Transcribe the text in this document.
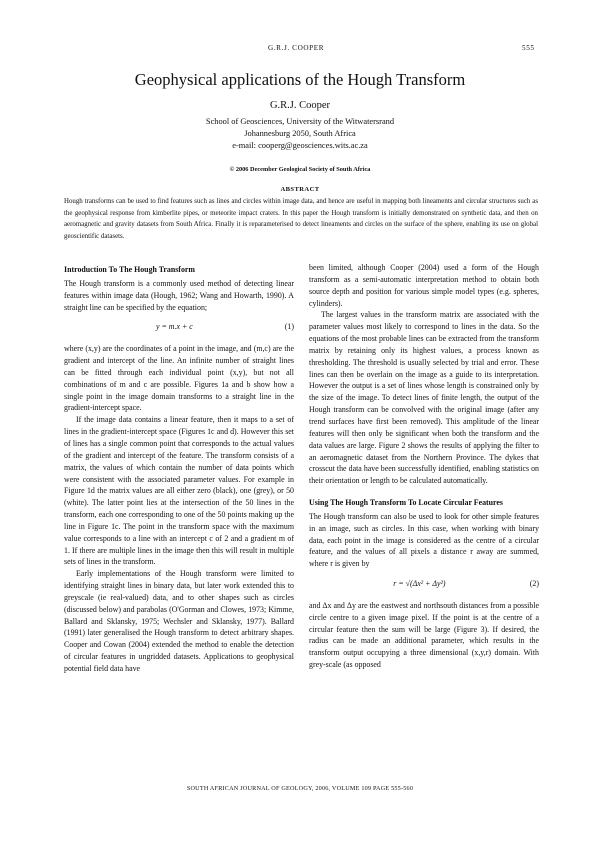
G.R.J. COOPER	555
Geophysical applications of the Hough Transform
G.R.J. Cooper
School of Geosciences, University of the Witwatersrand
Johannesburg 2050, South Africa
e-mail: cooperg@geosciences.wits.ac.za
© 2006 December Geological Society of South Africa
ABSTRACT
Hough transforms can be used to find features such as lines and circles within image data, and hence are useful in mapping both lineaments and circular structures such as the geophysical response from kimberlite pipes, or meteorite impact craters. In this paper the Hough transform is initially demonstrated on synthetic data, and then on aeromagnetic and gravity datasets from South Africa. Finally it is reparameterised to detect lineaments and circles on the surface of the sphere, enabling its use on global geoscientific datasets.
Introduction To The Hough Transform

The Hough transform is a commonly used method of detecting linear features within image data (Hough, 1962; Wang and Howarth, 1990). A straight line can be specified by the equation;

y = m.x + c	(1)

where (x,y) are the coordinates of a point in the image, and (m,c) are the gradient and intercept of the line. An infinite number of straight lines can be fitted through each individual point (x,y), but not all combinations of m and c are possible. Figures 1a and b show how a single point in the image domain transforms to a straight line in the gradient-intercept space.

If the image data contains a linear feature, then it maps to a set of lines in the gradient-intercept space (Figures 1c and d). However this set of lines has a single common point that corresponds to the actual values of the gradient and intercept of the feature. The transform consists of a matrix, the values of which contain the number of data points which were consistent with the associated parameter values. For example in Figure 1d the matrix values are all either zero (black), one (grey), or 50 (white). The latter point lies at the intersection of the 50 lines in the transform, each one corresponding to one of the 50 points making up the line in Figure 1c. The point in the transform space with the maximum value corresponds to a line with an intercept c of 2 and a gradient m of 1. If there are multiple lines in the image then this will result in multiple sets of lines in the transform.

Early implementations of the Hough transform were limited to identifying straight lines in binary data, but later work extended this to greyscale (ie real-valued) data, and to other shapes such as circles (discussed below) and parabolas (O'Gorman and Clowes, 1973; Kimme, Ballard and Sklansky, 1975; Wechsler and Sklansky, 1977). Ballard (1991) later generalised the Hough transform to detect arbitrary shapes. Cooper and Cowan (2004) extended the method to enable the detection of circular features in ungridded datasets. Applications to geophysical potential field data have

been limited, although Cooper (2004) used a form of the Hough transform as a semi-automatic interpretation method to obtain both source depth and position for various simple model types (e.g. spheres, cylinders).

The largest values in the transform matrix are associated with the parameter values most likely to correspond to lines in the data. So the equations of the most probable lines can be extracted from the transform matrix by retaining only its highest values, a process known as thresholding. The threshold is usually selected by trial and error. These lines can then be overlain on the image as a guide to its interpretation. However the output is a set of lines whose length is constrained only by the size of the image. To detect lines of finite length, the output of the Hough transform can be convolved with the original image (after any trend surfaces have first been removed). This amplitude of the linear features will then only be significant when both the transform and the data values are large. Figure 2 shows the results of applying the filter to an aeromagnetic dataset from the Northern Province. The dykes that crosscut the data have been successfully identified, enabling statistics on their orientation or length to be calculated automatically.

Using The Hough Transform To Locate Circular Features

The Hough transform can also be used to look for other simple features in an image, such as circles. In this case, when working with binary data, each point in the image is considered as the centre of a circular feature, and the values of all pixels a distance r away are summed, where r is given by

r = √(Δx² + Δy²)	(2)

and Δx and Δy are the eastwest and northsouth distances from a possible circle centre to a given image pixel. If the point is at the centre of a circular feature then the sum will be large (Figure 3). If desired, the radius can be made an additional parameter, which results in the transform output occupying a three dimensional (x,y,r) domain. With grey-scale (as opposed

SOUTH AFRICAN JOURNAL OF GEOLOGY, 2006, VOLUME 109 PAGE 555-560
